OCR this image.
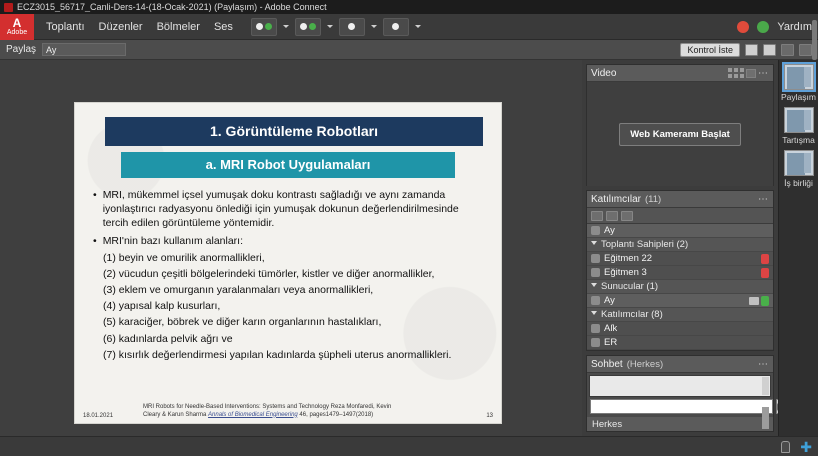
ECZ3015_56717_Canli-Ders-14-(18-Ocak-2021) (Paylaşım) - Adobe Connect
A
Adobe Toplantı Düzenler Bölmeler Ses	Yardım
Paylaş	Ay	Kontrol İste
1. Görüntüleme Robotları
a. MRI Robot Uygulamaları
• MRI, mükemmel içsel yumuşak doku kontrastı sağladığı ve aynı zamanda iyonlaştırıcı radyasyonu önlediği için yumuşak dokunun değerlendirilmesinde tercih edilen görüntüleme yöntemidir.
• MRI'nin bazı kullanım alanları:
(1) beyin ve omurilik anormallikleri,
(2) vücudun çeşitli bölgelerindeki tümörler, kistler ve diğer anormallikler,
(3) eklem ve omurganın yaralanmaları veya anormallikleri,
(4) yapısal kalp kusurları,
(5) karaciğer, böbrek ve diğer karın organlarının hastalıkları,
(6) kadınlarda pelvik ağrı ve
(7) kısırlık değerlendirmesi yapılan kadınlarda şüpheli uterus anormallikleri.
18.01.2021
MRI Robots for Needle-Based Interventions: Systems and Technology Reza Monfaredi, Kevin
Cleary & Karun Sharma Annals of Biomedical Engineering 46, pages1479–1497(2018)	13
Video	⋯
Web Kameramı Başlat
Katılımcılar (11)	⋯
Ay
Toplantı Sahipleri (2)
Eğitmen 22
Eğitmen 3
Sunucular (1)
Ay
Katılımcılar (8)
Aſk
ER
Sohbet (Herkes)	⋯
Herkes
Paylaşım
Tartışma
İş birliği
✚
